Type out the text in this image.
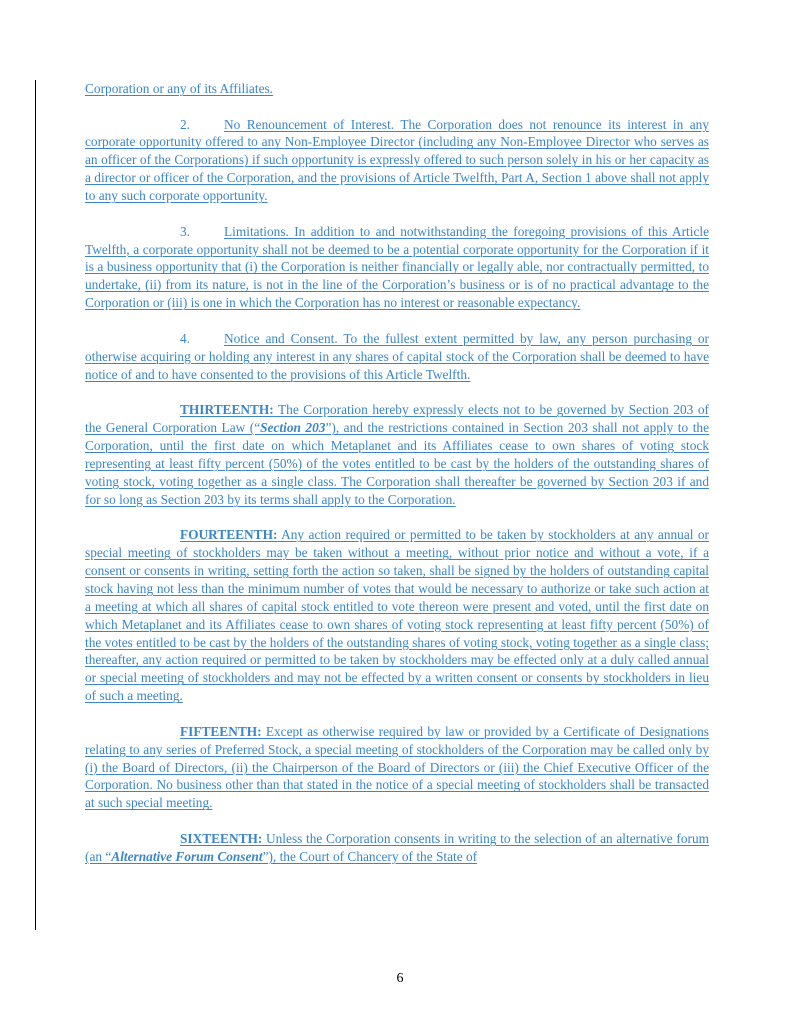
Corporation or any of its Affiliates.

2.	No Renouncement of Interest. The Corporation does not renounce its interest in any corporate opportunity offered to any Non-Employee Director (including any Non-Employee Director who serves as an officer of the Corporations) if such opportunity is expressly offered to such person solely in his or her capacity as a director or officer of the Corporation, and the provisions of Article Twelfth, Part A, Section 1 above shall not apply to any such corporate opportunity.

3.	Limitations. In addition to and notwithstanding the foregoing provisions of this Article Twelfth, a corporate opportunity shall not be deemed to be a potential corporate opportunity for the Corporation if it is a business opportunity that (i) the Corporation is neither financially or legally able, nor contractually permitted, to undertake, (ii) from its nature, is not in the line of the Corporation’s business or is of no practical advantage to the Corporation or (iii) is one in which the Corporation has no interest or reasonable expectancy.

4.	Notice and Consent. To the fullest extent permitted by law, any person purchasing or otherwise acquiring or holding any interest in any shares of capital stock of the Corporation shall be deemed to have notice of and to have consented to the provisions of this Article Twelfth.

THIRTEENTH: The Corporation hereby expressly elects not to be governed by Section 203 of the General Corporation Law (“Section 203”), and the restrictions contained in Section 203 shall not apply to the Corporation, until the first date on which Metaplanet and its Affiliates cease to own shares of voting stock representing at least fifty percent (50%) of the votes entitled to be cast by the holders of the outstanding shares of voting stock, voting together as a single class. The Corporation shall thereafter be governed by Section 203 if and for so long as Section 203 by its terms shall apply to the Corporation.

FOURTEENTH: Any action required or permitted to be taken by stockholders at any annual or special meeting of stockholders may be taken without a meeting, without prior notice and without a vote, if a consent or consents in writing, setting forth the action so taken, shall be signed by the holders of outstanding capital stock having not less than the minimum number of votes that would be necessary to authorize or take such action at a meeting at which all shares of capital stock entitled to vote thereon were present and voted, until the first date on which Metaplanet and its Affiliates cease to own shares of voting stock representing at least fifty percent (50%) of the votes entitled to be cast by the holders of the outstanding shares of voting stock, voting together as a single class; thereafter, any action required or permitted to be taken by stockholders may be effected only at a duly called annual or special meeting of stockholders and may not be effected by a written consent or consents by stockholders in lieu of such a meeting.

FIFTEENTH: Except as otherwise required by law or provided by a Certificate of Designations relating to any series of Preferred Stock, a special meeting of stockholders of the Corporation may be called only by (i) the Board of Directors, (ii) the Chairperson of the Board of Directors or (iii) the Chief Executive Officer of the Corporation. No business other than that stated in the notice of a special meeting of stockholders shall be transacted at such special meeting.

SIXTEENTH: Unless the Corporation consents in writing to the selection of an alternative forum (an “Alternative Forum Consent”), the Court of Chancery of the State of

6
